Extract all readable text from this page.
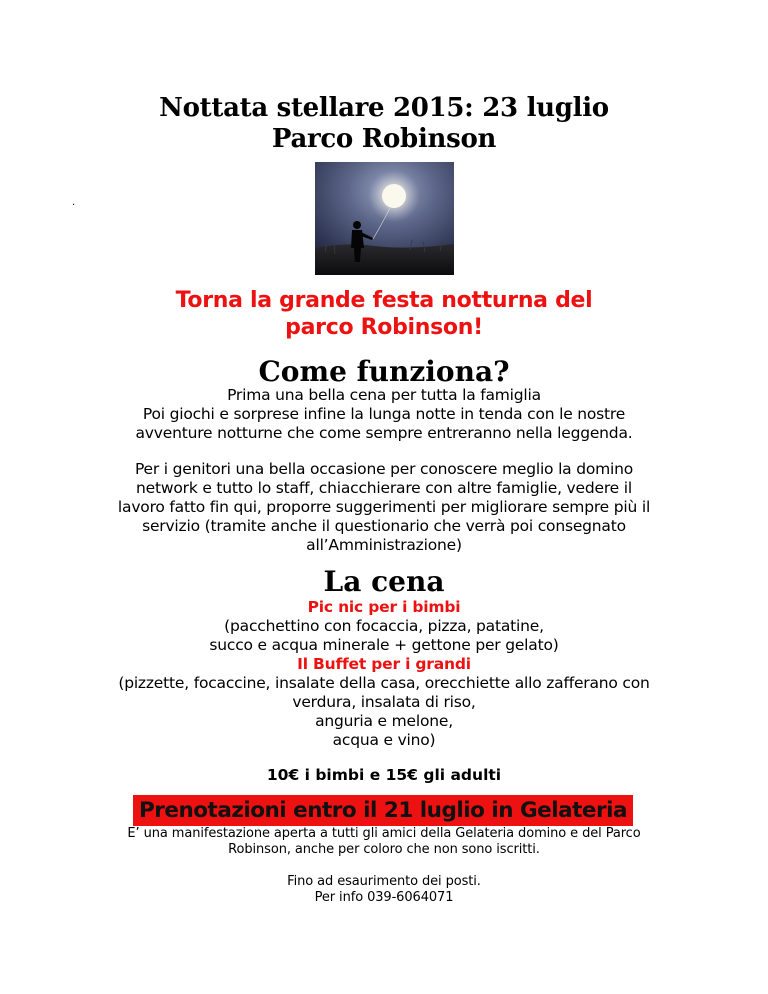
Nottata stellare 2015: 23 luglio
Parco Robinson
.
Torna la grande festa notturna del
parco Robinson!
Come funziona?
Prima una bella cena per tutta la famiglia
Poi giochi e sorprese infine la lunga notte in tenda con le nostre
avventure notturne che come sempre entreranno nella leggenda.
Per i genitori una bella occasione per conoscere meglio la domino
network e tutto lo staff, chiacchierare con altre famiglie, vedere il
lavoro fatto fin qui, proporre suggerimenti per migliorare sempre più il
servizio (tramite anche il questionario che verrà poi consegnato
all’Amministrazione)
La cena
Pic nic per i bimbi
(pacchettino con focaccia, pizza, patatine,
succo e acqua minerale + gettone per gelato)
Il Buffet per i grandi
(pizzette, focaccine, insalate della casa, orecchiette allo zafferano con
verdura, insalata di riso,
anguria e melone,
acqua e vino)
10€ i bimbi e 15€ gli adulti
Prenotazioni entro il 21 luglio in Gelateria
E’ una manifestazione aperta a tutti gli amici della Gelateria domino e del Parco
Robinson, anche per coloro che non sono iscritti.
Fino ad esaurimento dei posti.
Per info 039-6064071
